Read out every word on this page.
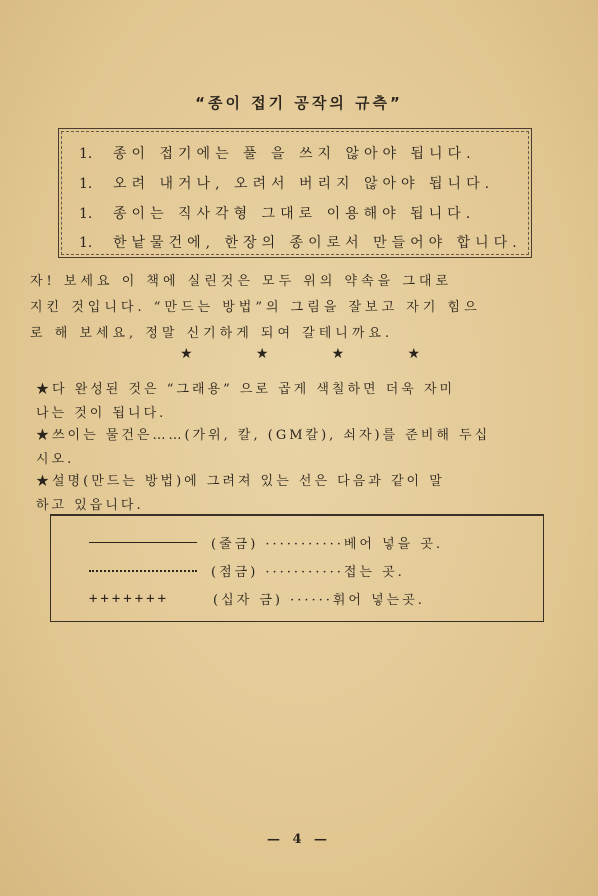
“종이 접기 공작의 규측”
1. 종이 접기에는 풀 을 쓰지 않아야 됩니다.
1. 오려 내거나, 오려서 버리지 않아야 됩니다.
1. 종이는 직사각형 그대로 이용해야 됩니다.
1. 한낱물건에, 한장의 종이로서 만들어야 합니다.
자! 보세요 이 책에 실린것은 모두 위의 약속을 그대로
지킨 것입니다. “만드는 방법”의 그림을 잘보고 자기 힘으
로 해 보세요, 정말 신기하게 되여 갈테니까요.
★	★	★	★
★다 완성된 것은 “그래용” 으로 곱게 색칠하면 더욱 자미
나는 것이 됩니다.
★쓰이는 물건은……(가위, 칼, (GM칼), 쇠자)를 준비해 두십
시오.
★설명(만드는 방법)에 그려져 있는 선은 다음과 같이 말
하고 있읍니다.
(줄금) ···········베어 넣을 곳.
(점금) ···········접는 곳.
+++++++	(십자 금) ······휘어 넣는곳.
— 4 —
